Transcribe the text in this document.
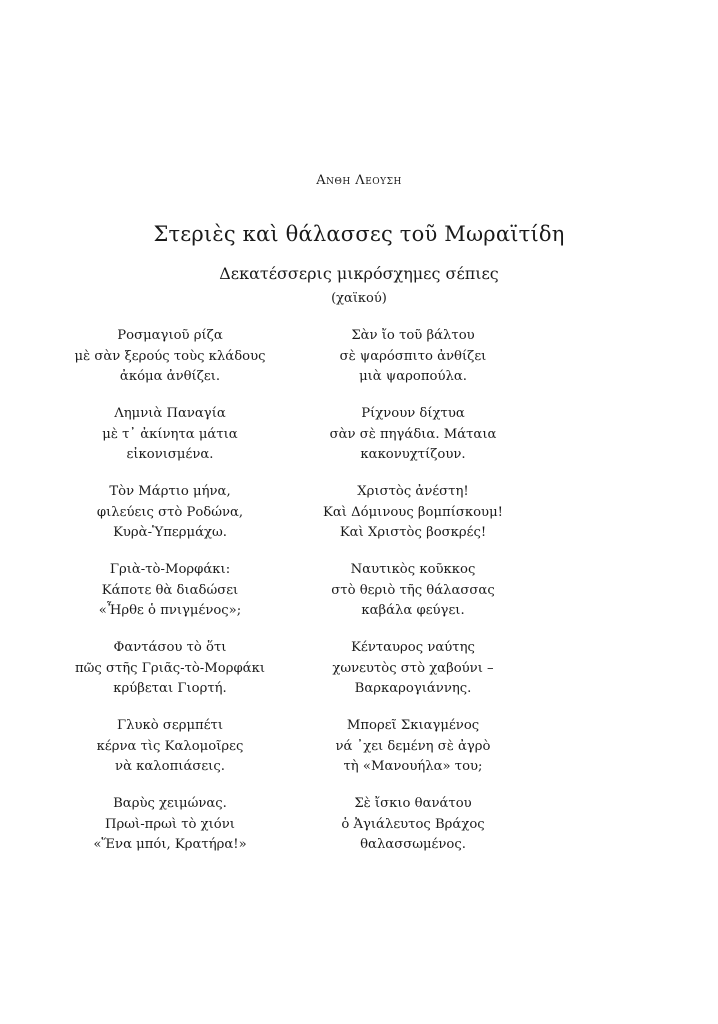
Ανθη Λεουση
Στεριὲς καὶ θάλασσες τοῦ Μωραϊτίδη
Δεκατέσσερις μικρόσχημες σέπιες
(χαϊκού)
Ροσμαγιοῦ ρίζα
μὲ σὰν ξερούς τοὺς κλάδους
ἀκόμα ἀνθίζει.
Λημνιὰ Παναγία
μὲ τ᾿ ἀκίνητα μάτια
εἰκονισμένα.
Τὸν Μάρτιο μήνα,
φιλεύεις στὸ Ροδώνα,
Κυρὰ-Ὑπερμάχω.
Γριὰ-τὸ-Μορφάκι:
Κάποτε θὰ διαδώσει
«Ἦρθε ὁ πνιγμένος»;
Φαντάσου τὸ ὅτι
πῶς στῆς Γριᾶς-τὸ-Μορφάκι
κρύβεται Γιορτή.
Γλυκὸ σερμπέτι
κέρνα τὶς Καλομοῖρες
νὰ καλοπιάσεις.
Βαρὺς χειμώνας.
Πρωὶ-πρωὶ τὸ χιόνι
«Ἕνα μπόι, Κρατήρα!»
Σὰν ἴο τοῦ βάλτου
σὲ ψαρόσπιτο ἀνθίζει
μιὰ ψαροπούλα.
Ρίχνουν δίχτυα
σὰν σὲ πηγάδια. Μάταια
κακονυχτίζουν.
Χριστὸς ἀνέστη!
Καὶ Δόμινους βομπίσκουμ!
Καὶ Χριστὸς βοσκρές!
Ναυτικὸς κοῦκκος
στὸ θεριὸ τῆς θάλασσας
καβάλα φεύγει.
Κένταυρος ναύτης
χωνευτὸς στὸ χαβούνι –
Βαρκαρογιάννης.
Μπορεῖ Σκιαγμένος
νά ᾿χει δεμένη σὲ ἀγρὸ
τὴ «Μανουήλα» του;
Σὲ ἴσκιο θανάτου
ὁ Ἀγιάλευτος Βράχος
θαλασσωμένος.
